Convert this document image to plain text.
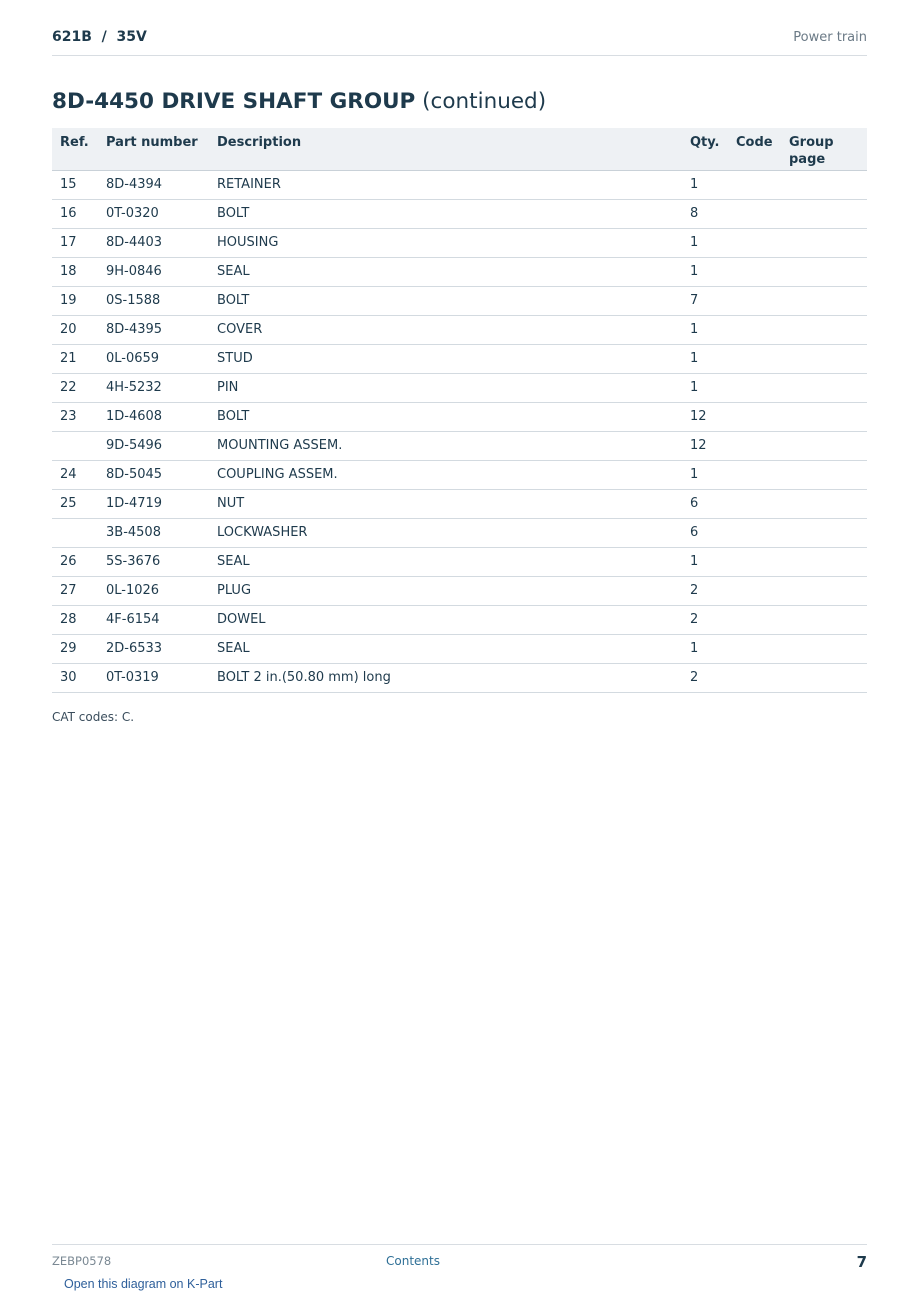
621B  /  35V	Power train
8D-4450 DRIVE SHAFT GROUP (continued)
Ref.	Part number	Description	Qty.	Code	Group page
15	8D-4394	RETAINER	1		
16	0T-0320	BOLT	8		
17	8D-4403	HOUSING	1		
18	9H-0846	SEAL	1		
19	0S-1588	BOLT	7		
20	8D-4395	COVER	1		
21	0L-0659	STUD	1		
22	4H-5232	PIN	1		
23	1D-4608	BOLT	12		
	9D-5496	MOUNTING ASSEM.	12		
24	8D-5045	COUPLING ASSEM.	1		
25	1D-4719	NUT	6		
	3B-4508	LOCKWASHER	6		
26	5S-3676	SEAL	1		
27	0L-1026	PLUG	2		
28	4F-6154	DOWEL	2		
29	2D-6533	SEAL	1		
30	0T-0319	BOLT 2 in.(50.80 mm) long	2		
CAT codes: C.
ZEBP0578	Contents	7
Open this diagram on K-Part
